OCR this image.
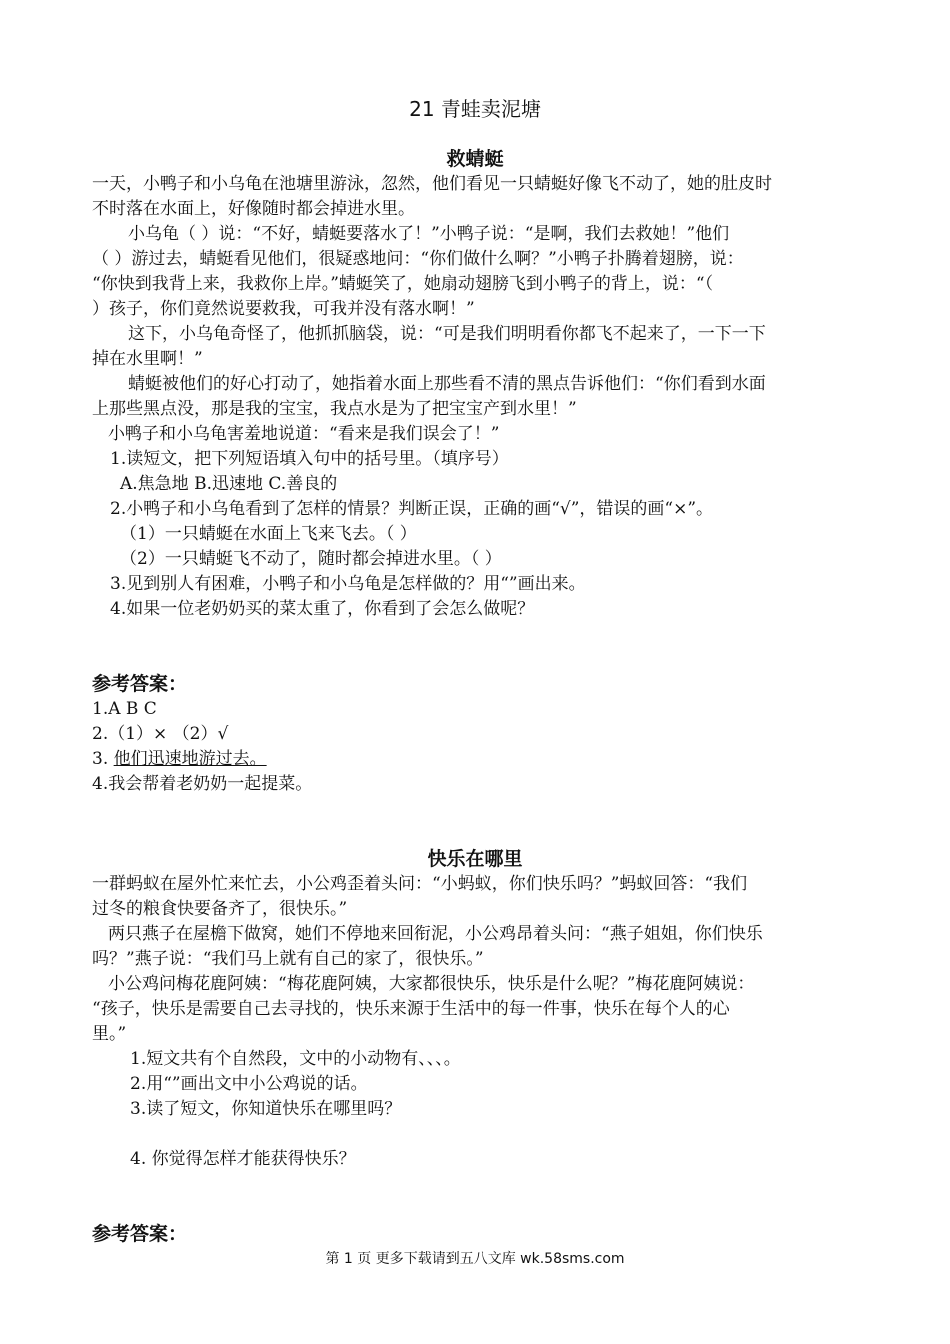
21 青蛙卖泥塘
救蜻蜓
一天，小鸭子和小乌龟在池塘里游泳，忽然，他们看见一只蜻蜓好像飞不动了，她的肚皮时
不时落在水面上，好像随时都会掉进水里。
小乌龟（ ）说：“不好，蜻蜓要落水了！”小鸭子说：“是啊，我们去救她！”他们
（ ）游过去，蜻蜓看见他们，很疑惑地问：“你们做什么啊？”小鸭子扑腾着翅膀，说：
“你快到我背上来，我救你上岸。”蜻蜓笑了，她扇动翅膀飞到小鸭子的背上，说：“（
）孩子，你们竟然说要救我，可我并没有落水啊！”
这下，小乌龟奇怪了，他抓抓脑袋，说：“可是我们明明看你都飞不起来了，一下一下
掉在水里啊！”
蜻蜓被他们的好心打动了，她指着水面上那些看不清的黑点告诉他们：“你们看到水面
上那些黑点没，那是我的宝宝，我点水是为了把宝宝产到水里！”
小鸭子和小乌龟害羞地说道：“看来是我们误会了！”
1.读短文，把下列短语填入句中的括号里。（填序号）
A.焦急地 B.迅速地 C.善良的
2.小鸭子和小乌龟看到了怎样的情景？判断正误，正确的画“√”，错误的画“×”。
（1）一只蜻蜓在水面上飞来飞去。（ ）
（2）一只蜻蜓飞不动了，随时都会掉进水里。（ ）
3.见到别人有困难，小鸭子和小乌龟是怎样做的？用“”画出来。
4.如果一位老奶奶买的菜太重了，你看到了会怎么做呢？
参考答案：
1.A B C
2.（1）× （2）√
3. 他们迅速地游过去。
4.我会帮着老奶奶一起提菜。
快乐在哪里
一群蚂蚁在屋外忙来忙去，小公鸡歪着头问：“小蚂蚁，你们快乐吗？”蚂蚁回答：“我们
过冬的粮食快要备齐了，很快乐。”
两只燕子在屋檐下做窝，她们不停地来回衔泥，小公鸡昂着头问：“燕子姐姐，你们快乐
吗？”燕子说：“我们马上就有自己的家了，很快乐。”
小公鸡问梅花鹿阿姨：“梅花鹿阿姨，大家都很快乐，快乐是什么呢？”梅花鹿阿姨说：
“孩子，快乐是需要自己去寻找的，快乐来源于生活中的每一件事，快乐在每个人的心
里。”
1.短文共有个自然段，文中的小动物有、、、。
2.用“”画出文中小公鸡说的话。
3.读了短文，你知道快乐在哪里吗？
4. 你觉得怎样才能获得快乐？
参考答案：
第 1 页 更多下载请到五八文库 wk.58sms.com
